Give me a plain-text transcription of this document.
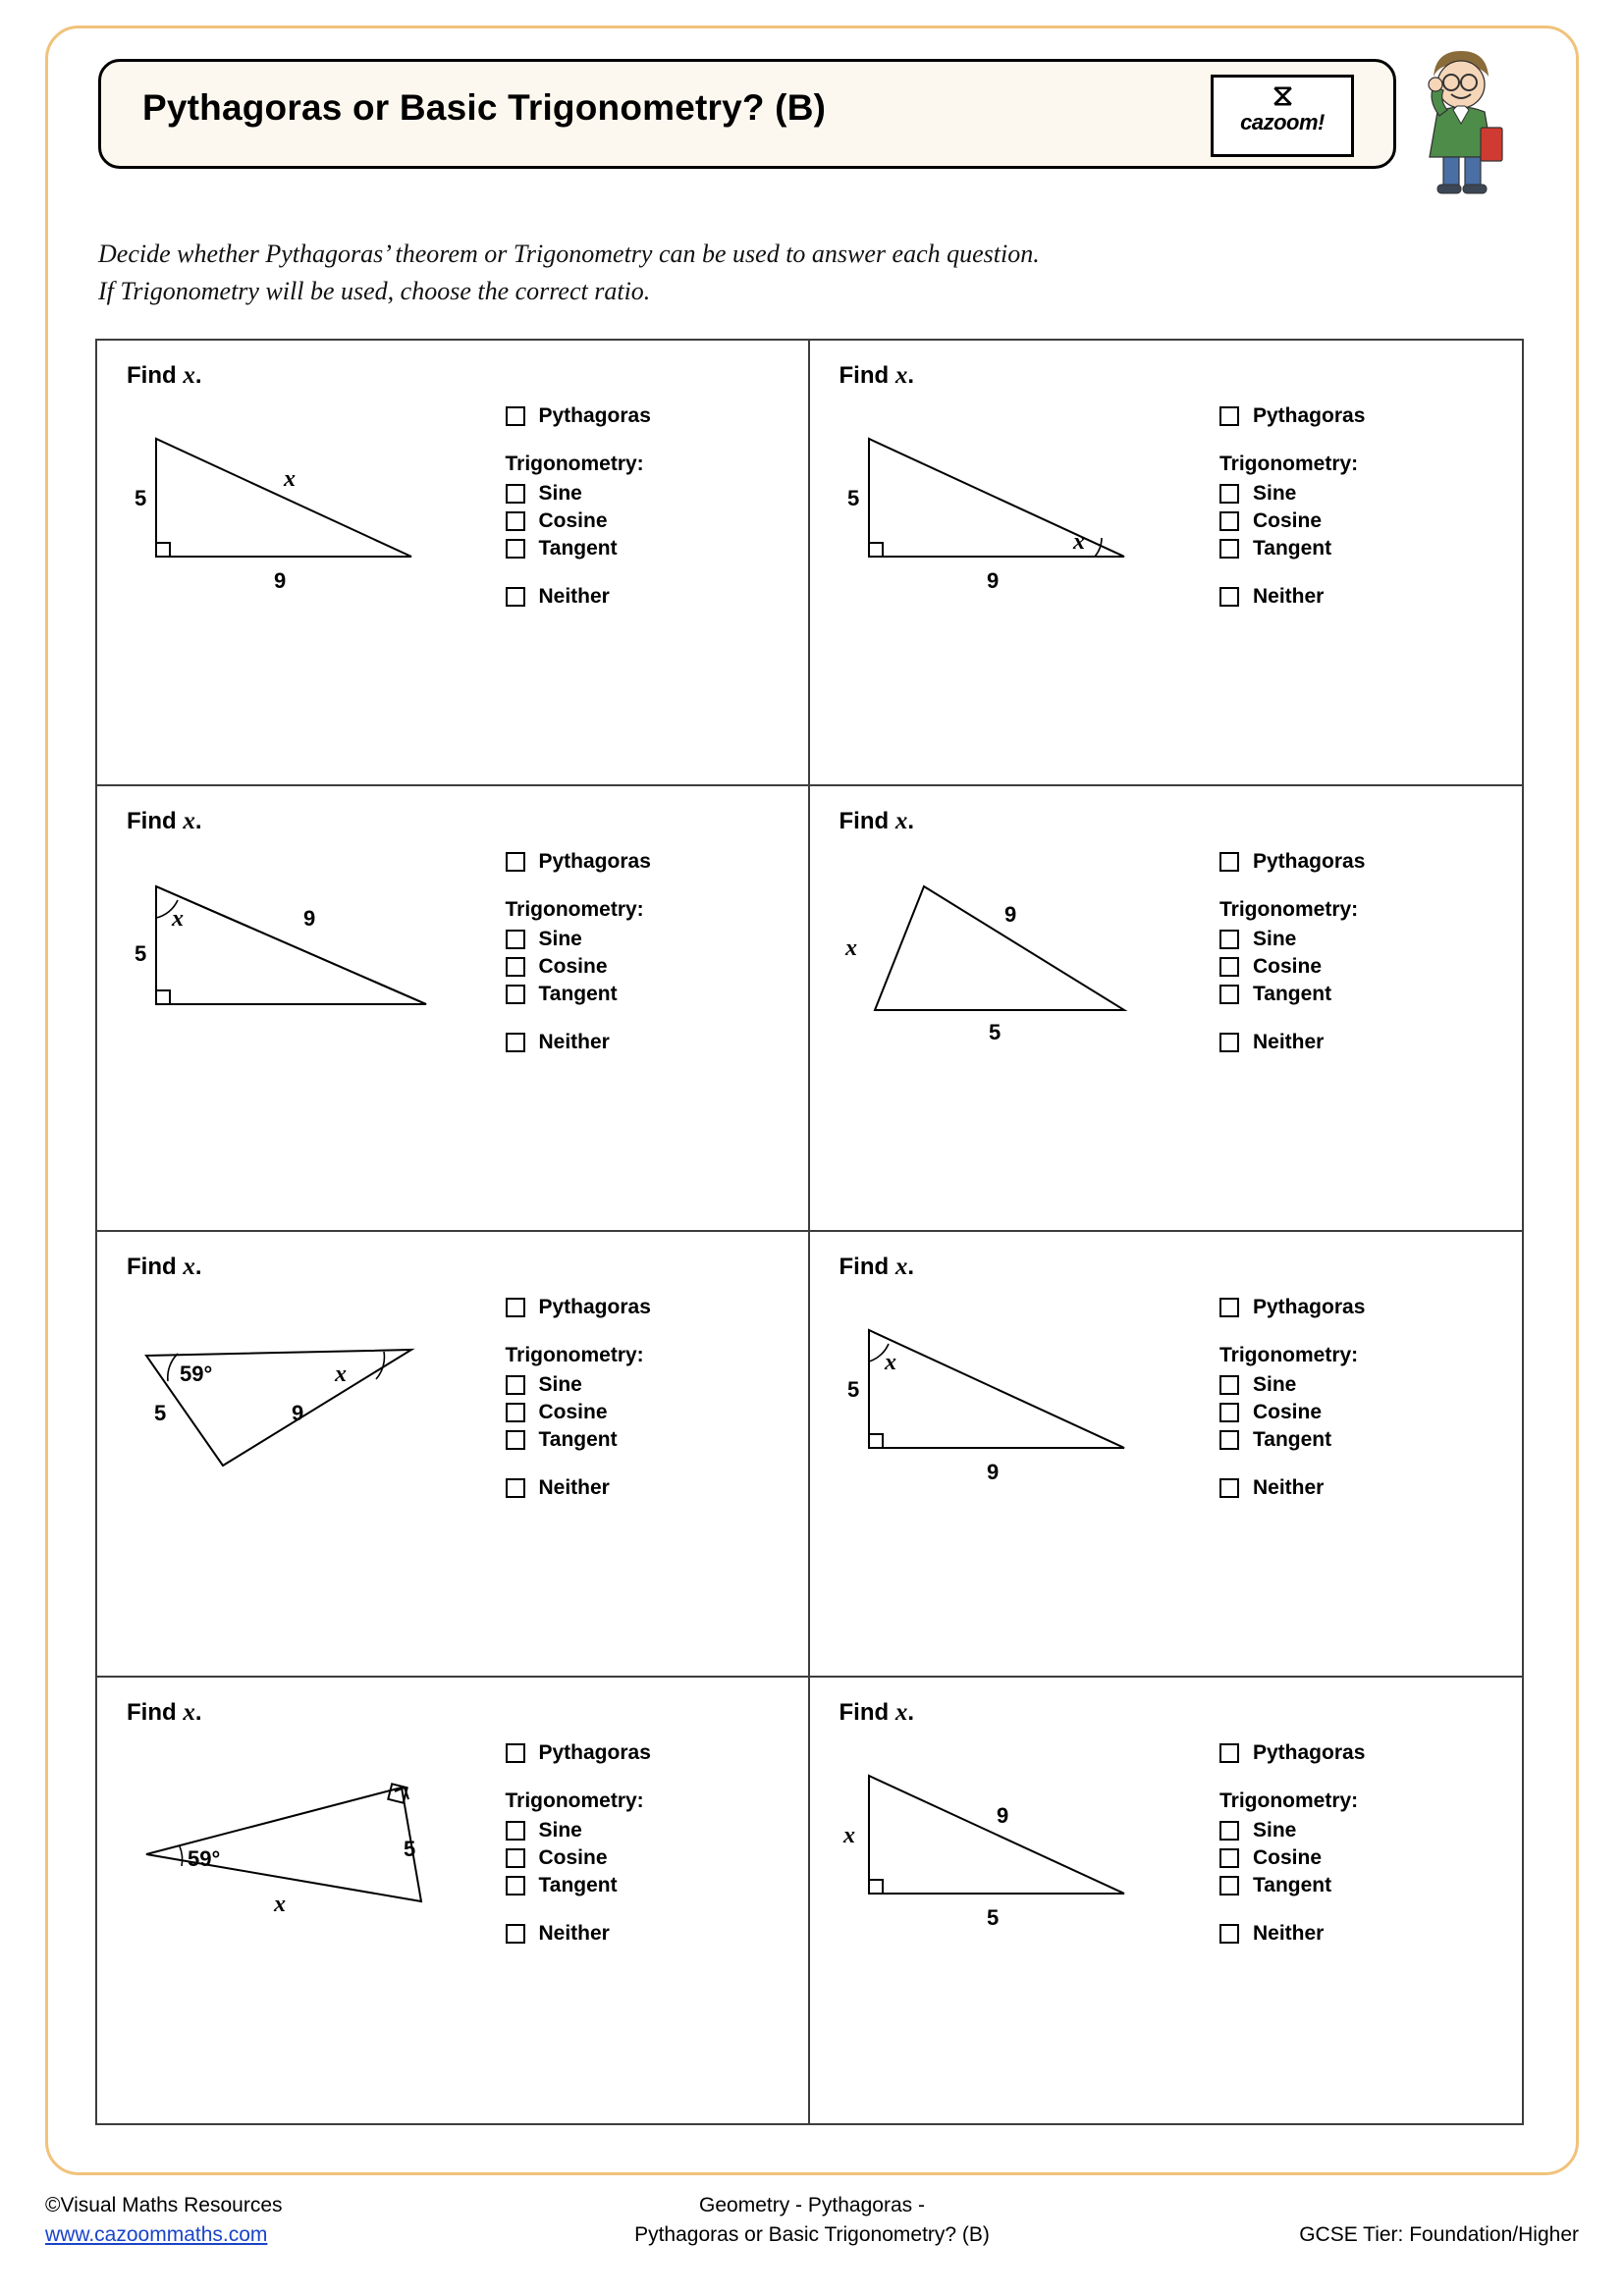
Pythagoras or Basic Trigonometry? (B)	⧖
cazoom!
Decide whether Pythagoras’ theorem or Trigonometry can be used to answer each question.
If Trigonometry will be used, choose the correct ratio.
Find x.
5
9
x
Pythagoras
Trigonometry:
Sine
Cosine
Tangent
Neither
Find x.
5
9
x
Pythagoras
Trigonometry:
Sine
Cosine
Tangent
Neither
Find x.
5
9
x
Pythagoras
Trigonometry:
Sine
Cosine
Tangent
Neither
Find x.
x
9
5
Pythagoras
Trigonometry:
Sine
Cosine
Tangent
Neither
Find x.
59°	x
5	9
Pythagoras
Trigonometry:
Sine
Cosine
Tangent
Neither
Find x.
5
9
x
Pythagoras
Trigonometry:
Sine
Cosine
Tangent
Neither
Find x.
59°	5
x
Pythagoras
Trigonometry:
Sine
Cosine
Tangent
Neither
Find x.
x
5
9
Pythagoras
Trigonometry:
Sine
Cosine
Tangent
Neither
©Visual Maths Resources
www.cazoommaths.com
Geometry - Pythagoras -
Pythagoras or Basic Trigonometry? (B)	GCSE Tier: Foundation/Higher
